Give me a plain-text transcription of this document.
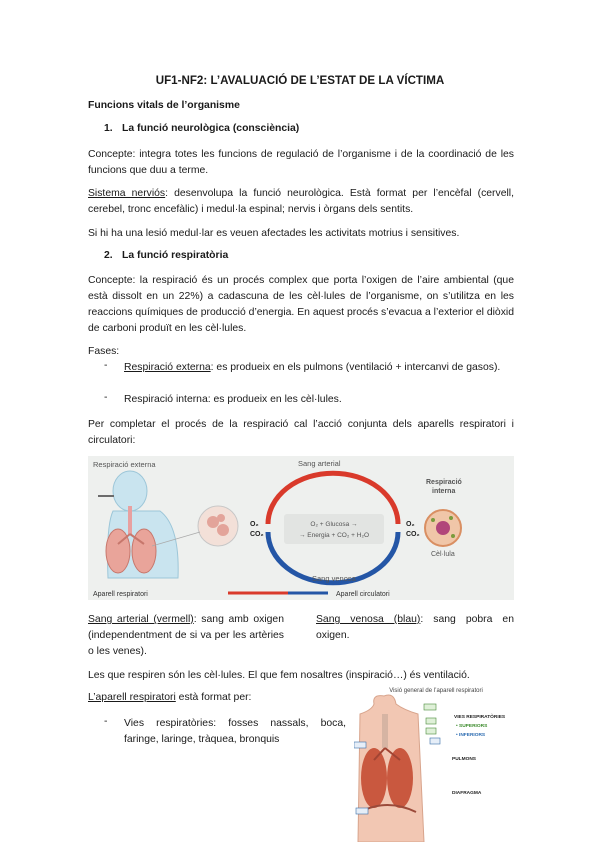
UF1-NF2: L’AVALUACIÓ DE L’ESTAT DE LA VÍCTIMA
Funcions vitals de l’organisme
1. La funció neurològica (consciència)
Concepte: integra totes les funcions de regulació de l’organisme i de la coordinació de les funcions que duu a terme.
Sistema nerviós: desenvolupa la funció neurològica. Està format per l’encèfal (cervell, cerebel, tronc encefàlic) i medul·la espinal; nervis i òrgans dels sentits.
Si hi ha una lesió medul·lar es veuen afectades les activitats motrius i sensitives.
2. La funció respiratòria
Concepte: la respiració és un procés complex que porta l’oxigen de l’aire ambiental (que està dissolt en un 22%) a cadascuna de les cèl·lules de l’organisme, on s’utilitza en les reaccions químiques de producció d’energia. En aquest procés s’evacua a l’exterior el diòxid de carboni produït en les cèl·lules.
Fases:
- Respiració externa: es produeix en els pulmons (ventilació + intercanvi de gasos).
- Respiració interna: es produeix en les cèl·lules.
Per completar el procés de la respiració cal l’acció conjunta dels aparells respiratori i circulatori:
Respiració externa	Sang arterial
O₂ + Glucosa →
→ Energia + CO₂ + H₂O
O₂
CO₂
O₂
CO₂
Respiració
interna
Cèl·lula
Sang venosa
Aparell respiratori	Aparell circulatori
Sang arterial (vermell): sang amb oxigen (independentment de si va per les artèries o les venes).
Sang venosa (blau): sang pobra en oxigen.
Les que respiren són les cèl·lules. El que fem nosaltres (inspiració…) és ventilació.
L’aparell respiratori està format per:
- Vies respiratòries: fosses nassals, boca, faringe, laringe, tràquea, bronquis
Visió general de l’aparell respiratori
VIES RESPIRATÒRIES
• SUPERIORS
• INFERIORS
PULMONS
DIAFRAGMA
